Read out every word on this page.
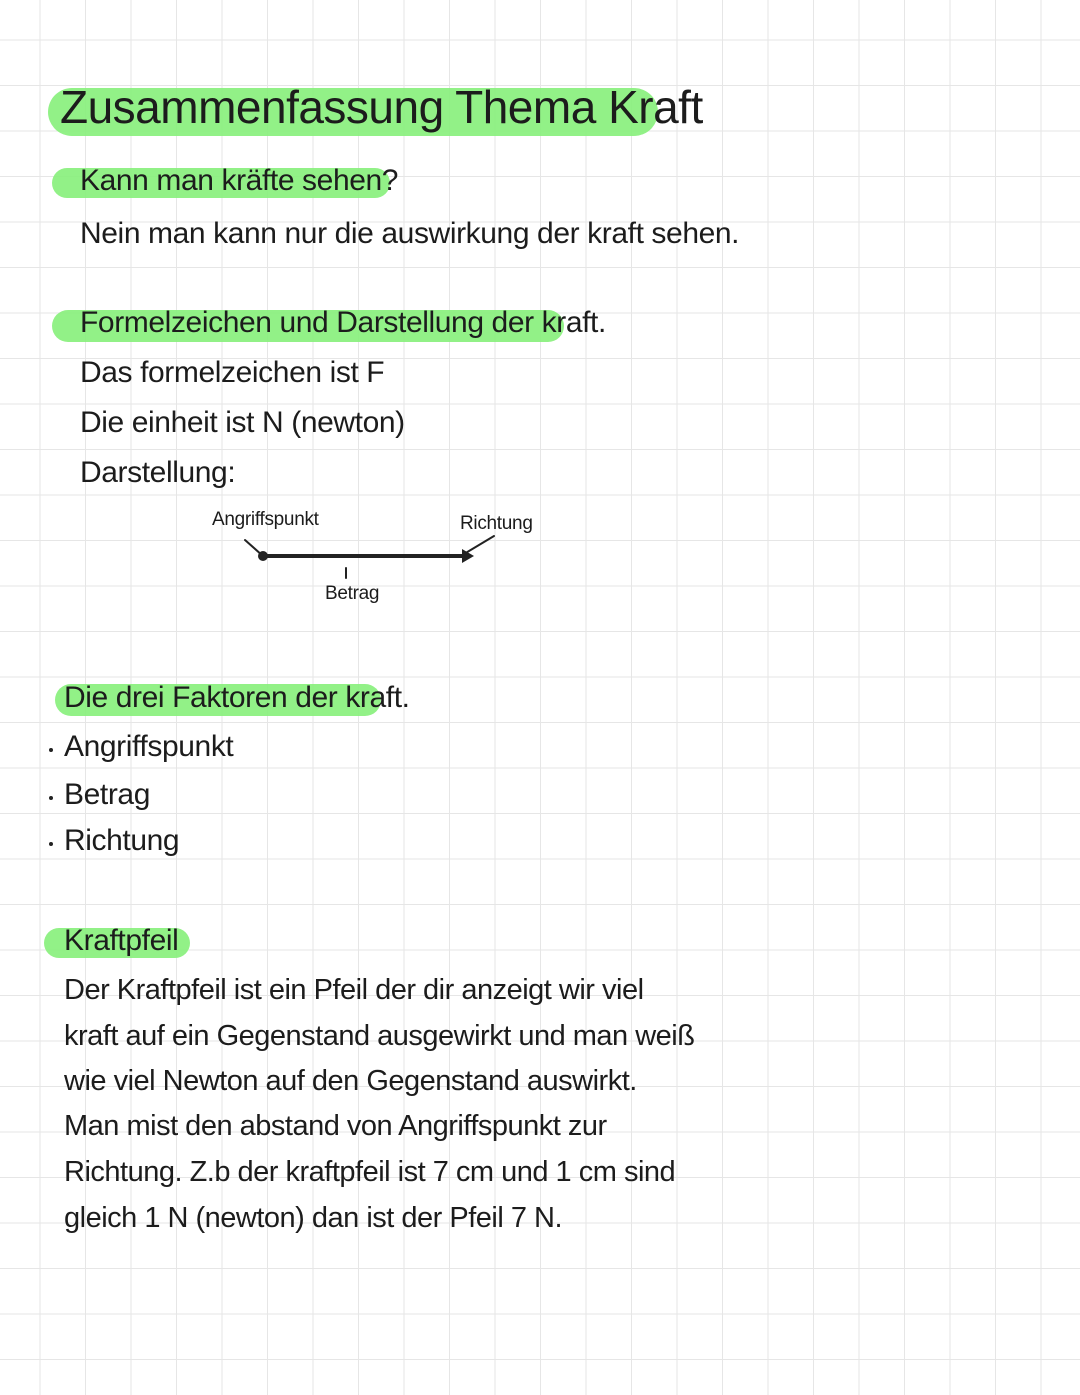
Zusammenfassung Thema Kraft
Kann man kräfte sehen?
Nein man kann nur die auswirkung der kraft sehen.
Formelzeichen und Darstellung der kraft.
Das formelzeichen ist F
Die einheit ist N (newton)
Darstellung:
Angriffspunkt	Richtung
Betrag
Die drei Faktoren der kraft.
Angriffspunkt
Betrag
Richtung
Kraftpfeil
Der Kraftpfeil ist ein Pfeil der dir anzeigt wir viel
kraft auf ein Gegenstand ausgewirkt und man weiß
wie viel Newton auf den Gegenstand auswirkt.
Man mist den abstand von Angriffspunkt zur
Richtung. Z.b der kraftpfeil ist 7 cm und 1 cm sind
gleich 1 N (newton) dan ist der Pfeil 7 N.
